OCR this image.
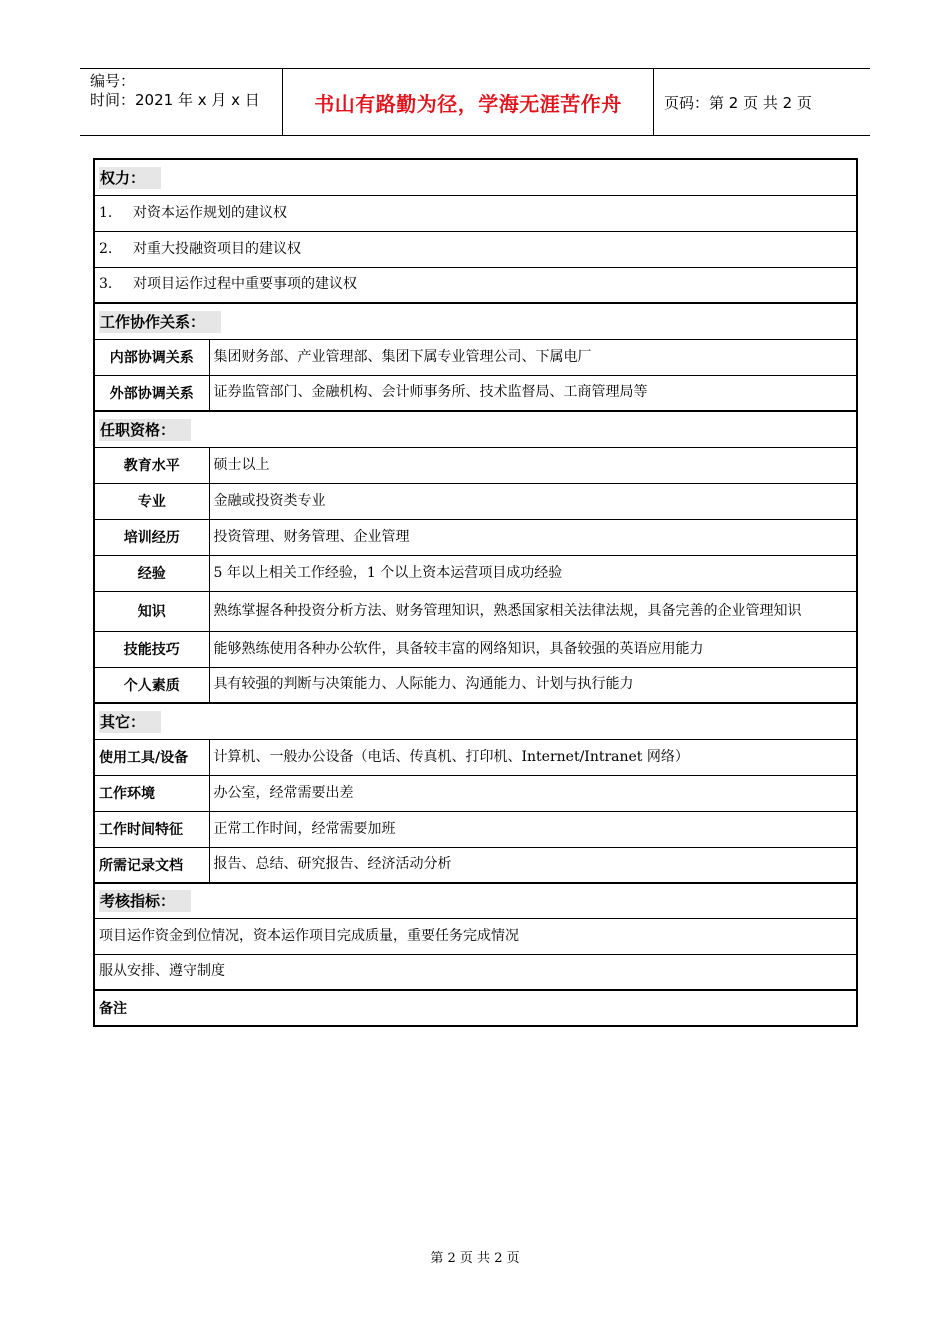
编号：
时间：2021 年 x 月 x 日	书山有路勤为径，学海无涯苦作舟	页码：第 2 页 共 2 页
权力：	
1. 对资本运作规划的建议权	
2. 对重大投融资项目的建议权	
3. 对项目运作过程中重要事项的建议权	
工作协作关系：	
内部协调关系	集团财务部、产业管理部、集团下属专业管理公司、下属电厂
外部协调关系	证券监管部门、金融机构、会计师事务所、技术监督局、工商管理局等
任职资格：	
教育水平	硕士以上
专业	金融或投资类专业
培训经历	投资管理、财务管理、企业管理
经验	5 年以上相关工作经验，1 个以上资本运营项目成功经验
知识	熟练掌握各种投资分析方法、财务管理知识，熟悉国家相关法律法规，具备完善的企业管理知识
技能技巧	能够熟练使用各种办公软件，具备较丰富的网络知识，具备较强的英语应用能力
个人素质	具有较强的判断与决策能力、人际能力、沟通能力、计划与执行能力
其它：	
使用工具/设备	计算机、一般办公设备（电话、传真机、打印机、Internet/Intranet 网络）
工作环境	办公室，经常需要出差
工作时间特征	正常工作时间，经常需要加班
所需记录文档	报告、总结、研究报告、经济活动分析
考核指标：	
项目运作资金到位情况，资本运作项目完成质量，重要任务完成情况	
服从安排、遵守制度	
备注	
第 2 页 共 2 页
